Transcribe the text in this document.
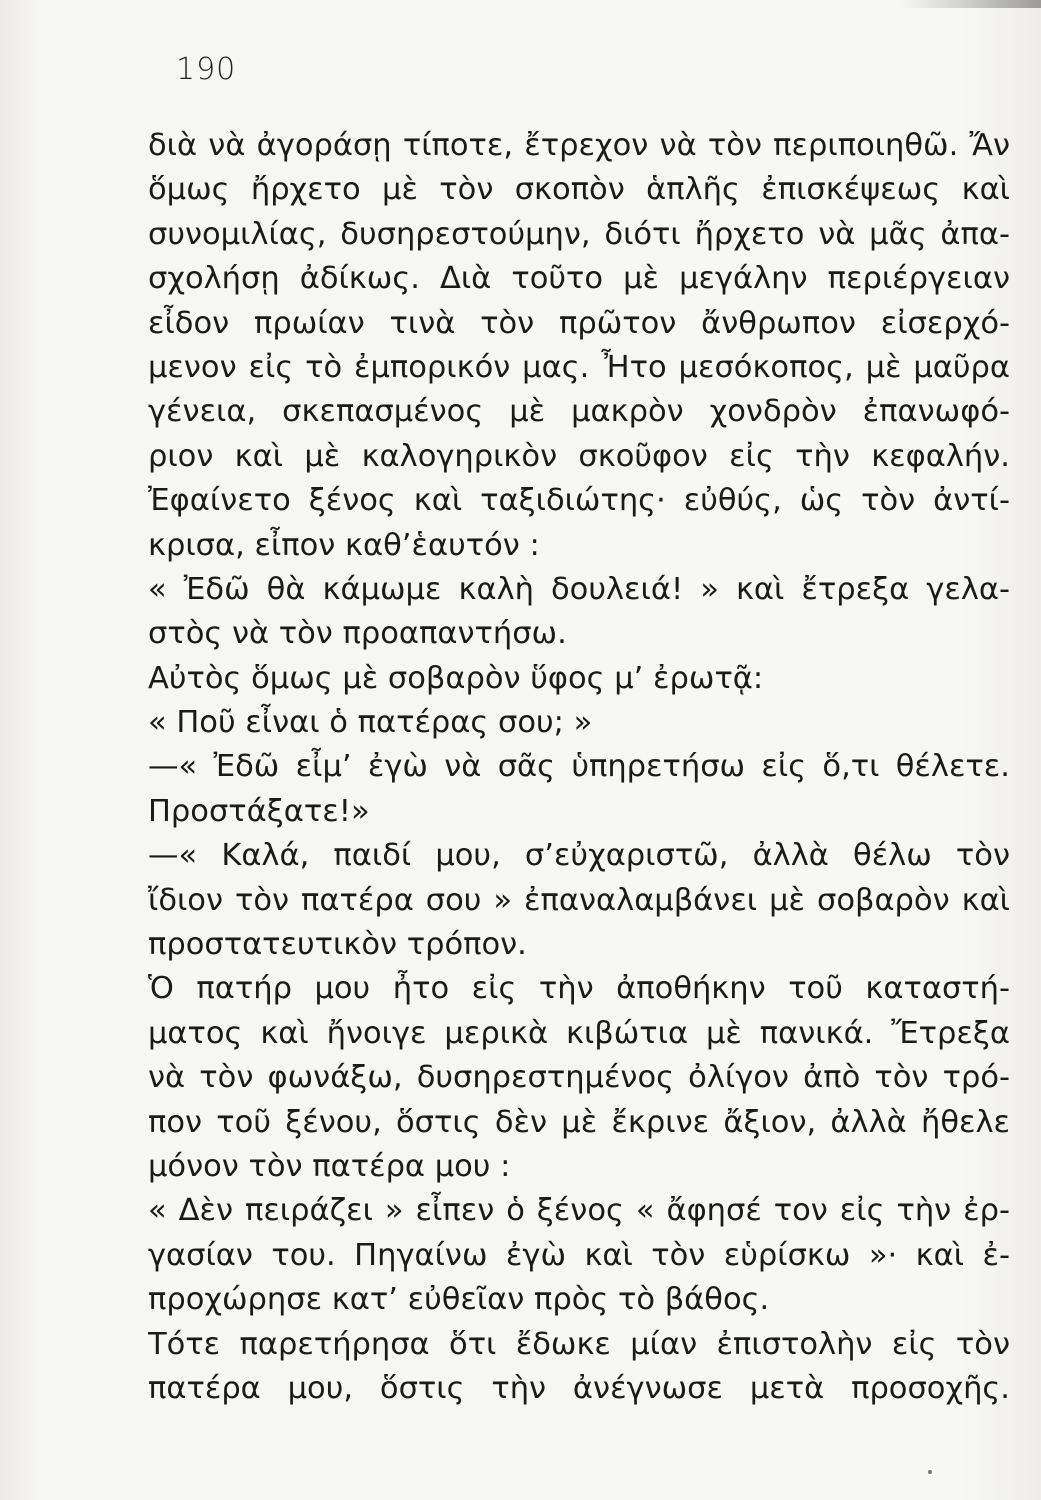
190
διὰ νὰ ἀγοράσῃ τίποτε, ἔτρεχον νὰ τὸν περιποιηθῶ. Ἄν
ὅμως ἤρχετο μὲ τὸν σκοπὸν ἁπλῆς ἐπισκέψεως καὶ
συνομιλίας, δυσηρεστούμην, διότι ἤρχετο νὰ μᾶς ἀπα-
σχολήσῃ ἀδίκως. Διὰ τοῦτο μὲ μεγάλην περιέργειαν
εἶδον πρωίαν τινὰ τὸν πρῶτον ἄνθρωπον εἰσερχό-
μενον εἰς τὸ ἐμπορικόν μας. Ἦτο μεσόκοπος, μὲ μαῦρα
γένεια, σκεπασμένος μὲ μακρὸν χονδρὸν ἐπανωφό-
ριον καὶ μὲ καλογηρικὸν σκοῦφον εἰς τὴν κεφαλήν.
Ἐφαίνετο ξένος καὶ ταξιδιώτης· εὐθύς, ὡς τὸν ἀντί-
κρισα, εἶπον καθ’ἑαυτόν :
« Ἐδῶ θὰ κάμωμε καλὴ δουλειά! » καὶ ἔτρεξα γελα-
στὸς νὰ τὸν προαπαντήσω.
Αὐτὸς ὅμως μὲ σοβαρὸν ὕφος μ’ ἐρωτᾷ:
« Ποῦ εἶναι ὁ πατέρας σου; »
—« Ἐδῶ εἶμ’ ἐγὼ νὰ σᾶς ὑπηρετήσω εἰς ὅ,τι θέλετε.
Προστάξατε!»
—« Καλά, παιδί μου, σ’εὐχαριστῶ, ἀλλὰ θέλω τὸν
ἴδιον τὸν πατέρα σου » ἐπαναλαμβάνει μὲ σοβαρὸν καὶ
προστατευτικὸν τρόπον.
Ὁ πατήρ μου ἦτο εἰς τὴν ἀποθήκην τοῦ καταστή-
ματος καὶ ἤνοιγε μερικὰ κιβώτια μὲ πανικά. Ἔτρεξα
νὰ τὸν φωνάξω, δυσηρεστημένος ὀλίγον ἀπὸ τὸν τρό-
πον τοῦ ξένου, ὅστις δὲν μὲ ἔκρινε ἄξιον, ἀλλὰ ἤθελε
μόνον τὸν πατέρα μου :
« Δὲν πειράζει » εἶπεν ὁ ξένος « ἄφησέ τον εἰς τὴν ἐρ-
γασίαν του. Πηγαίνω ἐγὼ καὶ τὸν εὑρίσκω »· καὶ ἐ-
προχώρησε κατ’ εὐθεῖαν πρὸς τὸ βάθος.
Τότε παρετήρησα ὅτι ἔδωκε μίαν ἐπιστολὴν εἰς τὸν
πατέρα μου, ὅστις τὴν ἀνέγνωσε μετὰ προσοχῆς.
